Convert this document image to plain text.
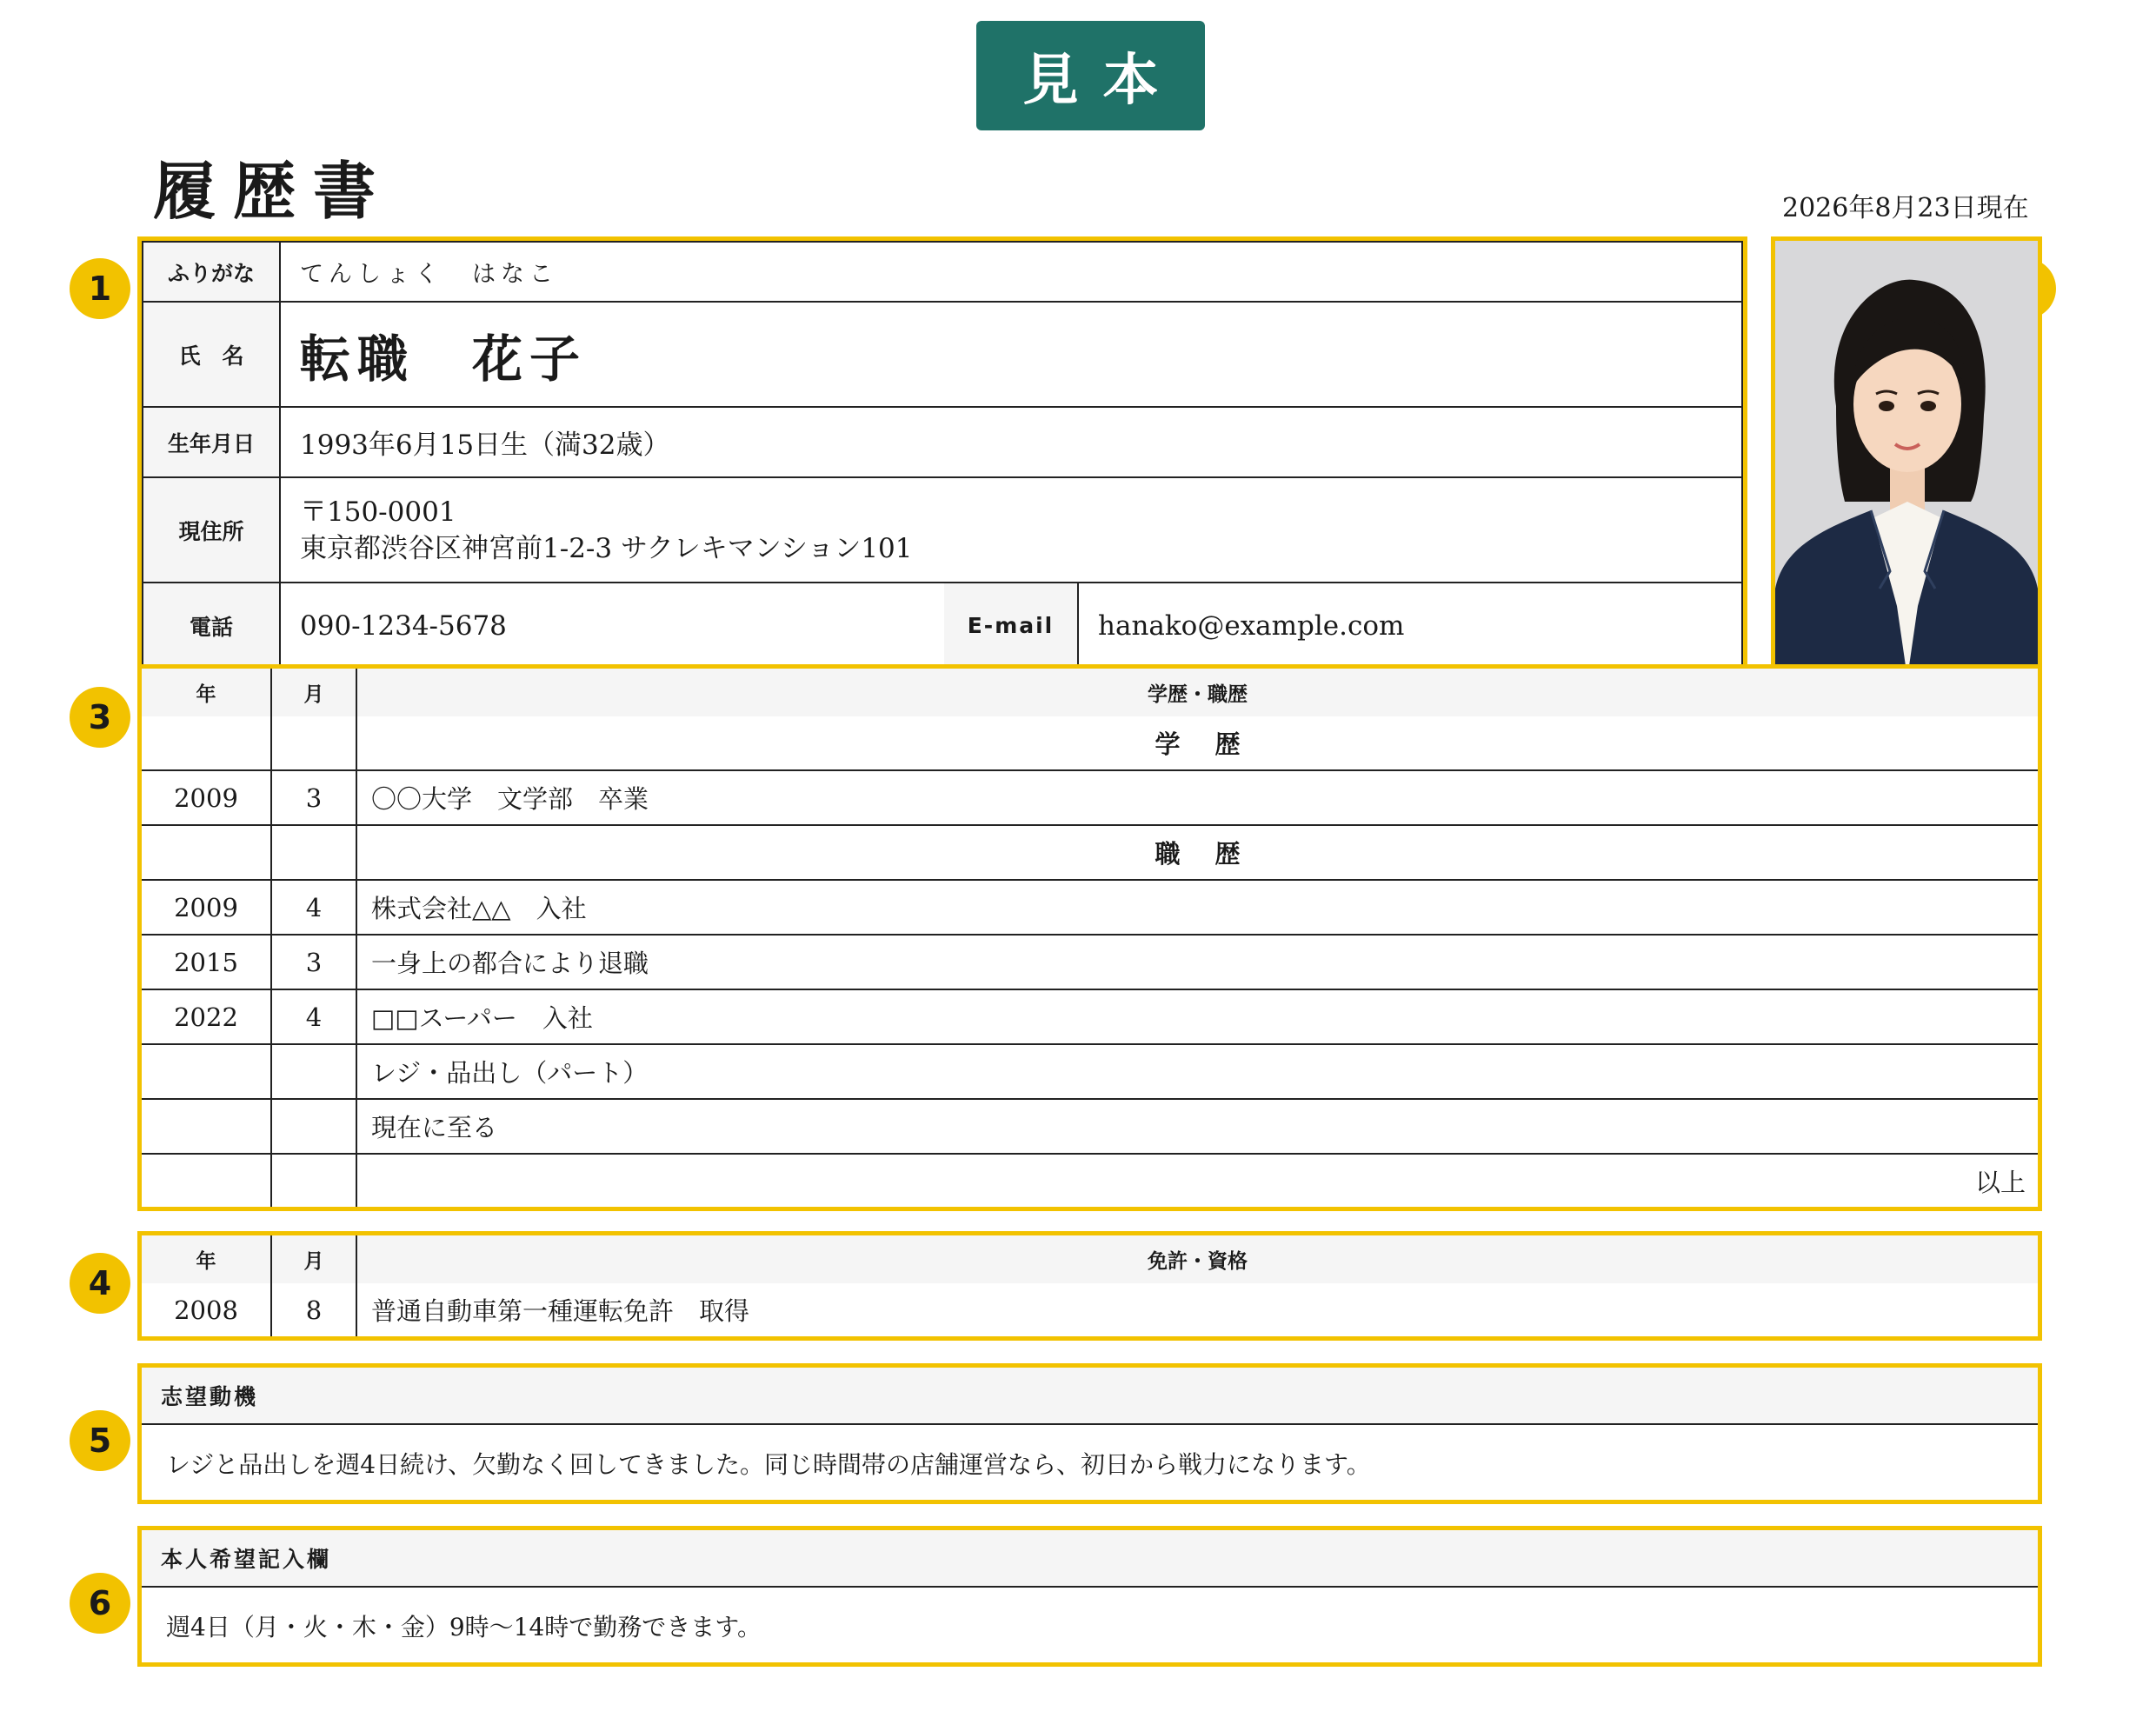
見本
履歴書	2026年8月23日現在
1
3
4
5
6
ふりがな	てんしょく　はなこ
氏　名	転職　花子
生年月日	1993年6月15日生（満32歳）
現住所
〒150-0001
東京都渋谷区神宮前1-2-3 サクレキマンション101
電話	090-1234-5678	E-mail	hanako@example.com
年	月	学歴・職歴
学歴
2009	3	〇〇大学　文学部　卒業
職歴
2009	4	株式会社△△　入社
2015	3	一身上の都合により退職
2022	4	□□スーパー　入社
レジ・品出し（パート）
現在に至る
以上
年	月	免許・資格
2008	8	普通自動車第一種運転免許　取得
志望動機
レジと品出しを週4日続け、欠勤なく回してきました。同じ時間帯の店舗運営なら、初日から戦力になります。
本人希望記入欄
週4日（月・火・木・金）9時〜14時で勤務できます。
